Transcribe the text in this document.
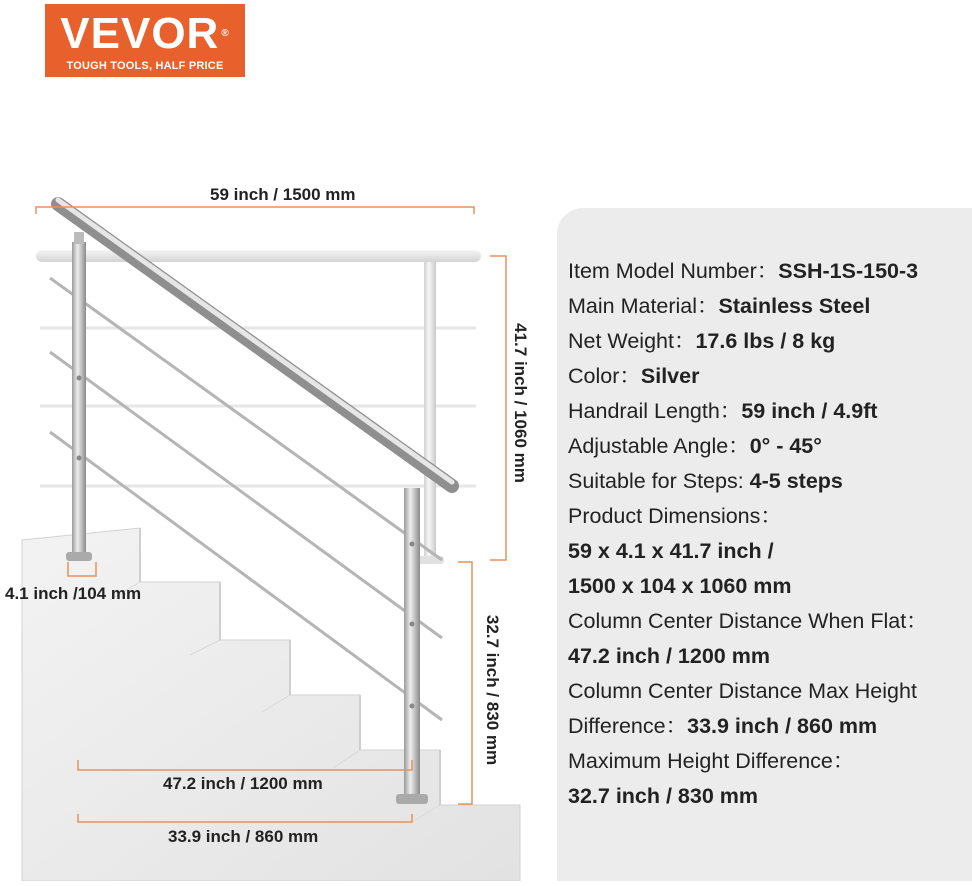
VEVOR ®
TOUGH TOOLS, HALF PRICE
59 inch / 1500 mm
41.7 inch / 1060 mm
4.1 inch /104 mm
32.7 inch / 830 mm
47.2 inch / 1200 mm
33.9 inch / 860 mm
Item Model Number：SSH-1S-150-3
Main Material：Stainless Steel
Net Weight：17.6 lbs / 8 kg
Color：Silver
Handrail Length：59 inch / 4.9ft
Adjustable Angle：0° - 45°
Suitable for Steps: 4-5 steps
Product Dimensions：
59 x 4.1 x 41.7 inch /
1500 x 104 x 1060 mm
Column Center Distance When Flat：
47.2 inch / 1200 mm
Column Center Distance Max Height
Difference：33.9 inch / 860 mm
Maximum Height Difference：
32.7 inch / 830 mm
